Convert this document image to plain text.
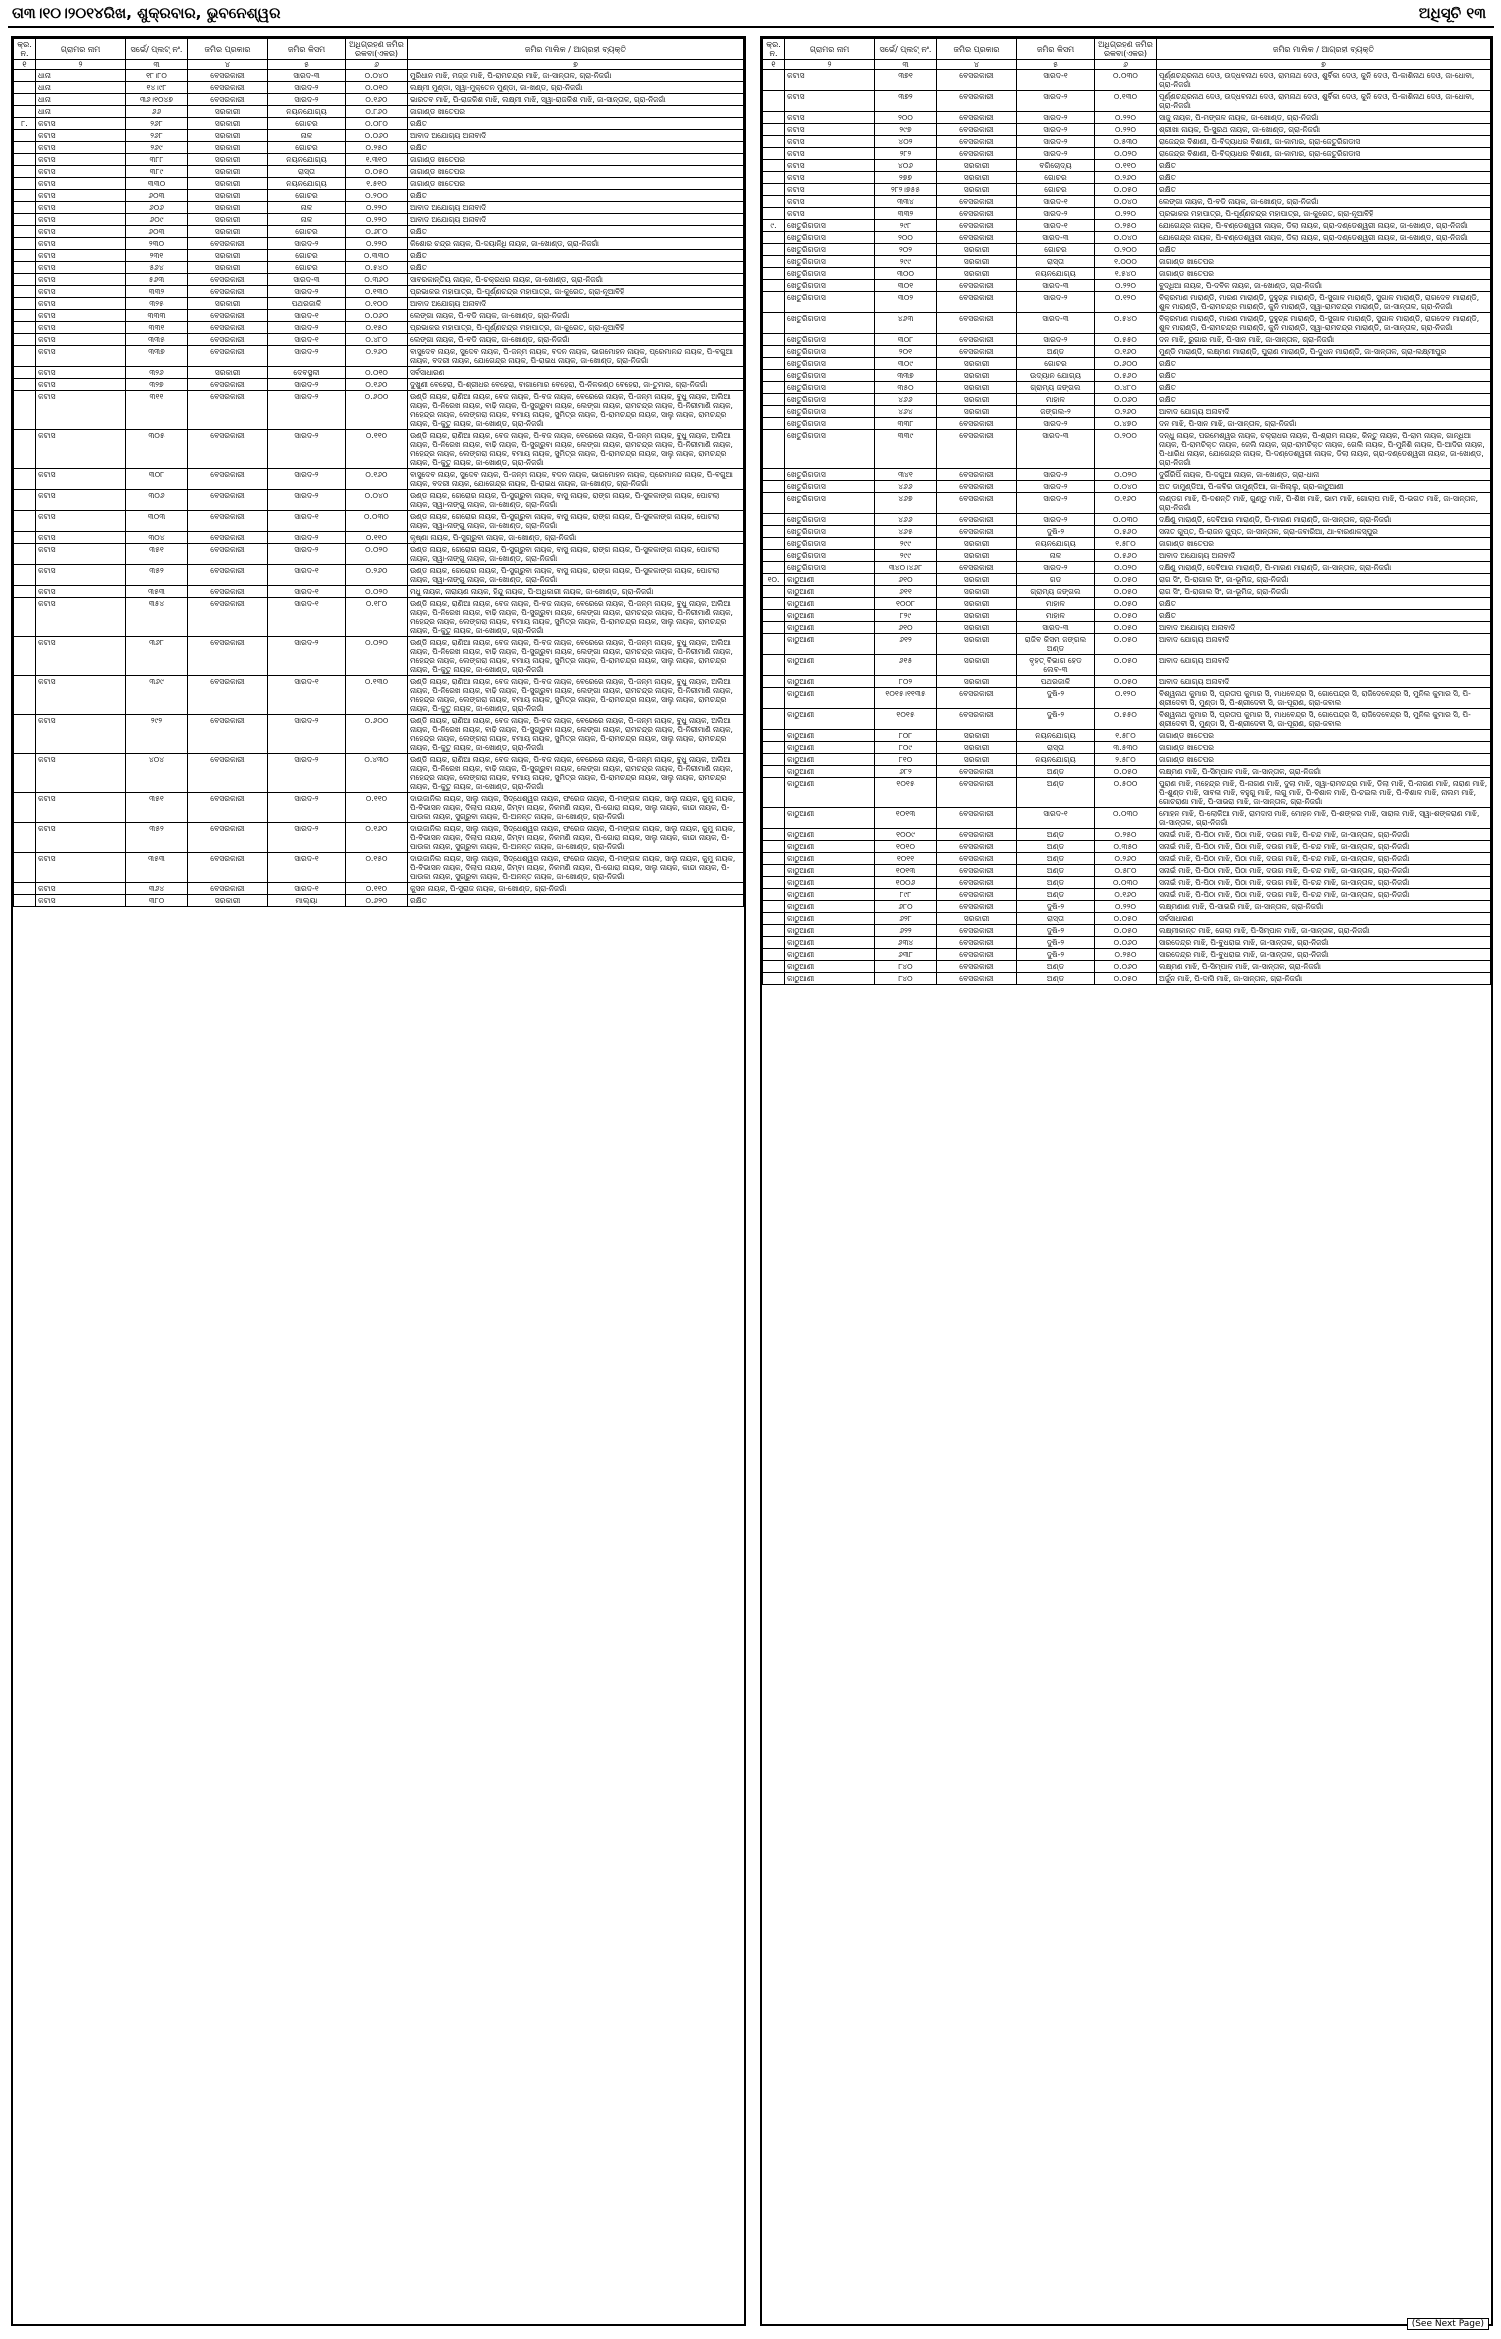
ତା୩।୧୦।୨୦୧୪ରିଖ, ଶୁକ୍ରବାର, ଭୁବନେଶ୍ୱର	ଅଧିସୂଚି ୧୩
କ୍ର. ନ.	ଗ୍ରାମର ନାମ	ସର୍ଭେ/ ପ୍ଲଟ୍ ନଂ.	ଜମିର ପ୍ରକାର	ଜମିର କିସମ	ଅଧିଗ୍ରହଣ ଜମିର ରକବା(ଏକର)	ଜମିର ମାଲିକ / ଆଗ୍ରହୀ ବ୍ୟକ୍ତି
୧	୨	୩	୪	୫	୬	୭
	ଧାନା	୧୮।୮୦	ବେସରକାରୀ	ସାରଦ-୩	୦.୦୪୦	ମୁରିଧାନ ମାଝି, ମଜ୍ଜ ମାଝି, ପି-ରାମଚନ୍ଦ୍ର ମାଝି, ଜା-ସାନ୍ତାଳ, ଗ୍ରା-ନିଜଗାଁ
	ଧାନା	୧୪।୯୮	ବେସରକାରୀ	ସାରଦ-୨	୦.୦୧୦	ଲକ୍ଷ୍ମୀ ମୁଣ୍ଡା, ସ୍ୱା-ମୁକ୍ତେନ ମୁଣ୍ଡା, ଜା-ଖଣ୍ଡ, ଗ୍ରା-ନିଜଗାଁ
	ଧାନା	୩୬।୧୦୪୭	ବେସରକାରୀ	ସାରଦ-୨	୦.୧୬୦	ଭାରତବ ମାଝି, ପି-ରାଜକିଶ ମାଝି, ଲକ୍ଷ୍ମୀ ମାଝି, ସ୍ୱା-ରାଜକିଶ ମାଝି, ଜା-ସାନ୍ତାଳ, ଗ୍ରା-ନିଜଗାଁ
	ଧାନା	୬୬	ସରକାରୀ	ନୟନଯୋଗ୍ୟ	୦.୮୬୦	ଜାଗାଣ୍ଡ ଖାତେପର
୮.	କଟାସ	୨୬୮	ସରକାରୀ	ଗୋଚର	୦.୦୮୦	ରକ୍ଷିତ
	କଟାସ	୨୬୮	ସରକାରୀ	ନାଳ	୦.୦୬୦	ଆବାଦ ଅଯୋଗ୍ୟ ଅନାବାଦି
	କଟାସ	୨୬୯	ସରକାରୀ	ଗୋଚର	୦.୨୫୦	ରକ୍ଷିତ
	କଟାସ	୩୮୮	ସରକାରୀ	ନୟନଯୋଗ୍ୟ	୧.୩୧୦	ଜାଗାଣ୍ଡ ଖାତେପର
	କଟାସ	୩୮୯	ସରକାରୀ	ରାସ୍ତା	୦.୦୫୦	ଜାଗାଣ୍ଡ ଖାତେପର
	କଟାସ	୩୩୦	ସରକାରୀ	ନୟନଯୋଗ୍ୟ	୧.୫୧୦	ଜାଗାଣ୍ଡ ଖାତେପର
	କଟାସ	୬୦୩	ସରକାରୀ	ଗୋଚର	୦.୨୦୦	ରକ୍ଷିତ
	କଟାସ	୬୦୬	ସରକାରୀ	ନାଳ	୦.୨୨୦	ଆବାଦ ଅଯୋଗ୍ୟ ଅନାବାଦି
	କଟାସ	୬୦୯	ସରକାରୀ	ନାଳ	୦.୨୨୦	ଆବାଦ ଅଯୋଗ୍ୟ ଅନାବାଦି
	କଟାସ	୬୦୩	ସରକାରୀ	ଗୋଚର	୦.୬୮୦	ରକ୍ଷିତ
	କଟାସ	୨୩୦	ବେସରକାରୀ	ସାରଦ-୨	୦.୨୨୦	କିଶୋର ଚନ୍ଦ୍ର ନାୟକ, ପି-ଦୟାନିଧି ନାୟକ, ଜା-ଖୋଣ୍ଡ, ଗ୍ରା-ନିଜଗାଁ
	କଟାସ	୨୩୧	ସରକାରୀ	ଗୋଚର	୦.୩୩୦	ରକ୍ଷିତ
	କଟାସ	୫୬୪	ସରକାରୀ	ଗୋଚର	୦.୫୪୦	ରକ୍ଷିତ
	କଟାସ	୫୬୩	ବେସରକାରୀ	ସାରଦ-୩	୦.୩୬୦	ସାବରକାନ୍ତିୟ ନାୟକ, ପି-ଚକ୍ରଧର ନାୟକ, ଜା-ଖୋଣ୍ଡ, ଗ୍ରା-ନିଜଗାଁ
	କଟାସ	୩୩୨	ବେସରକାରୀ	ସାରଦ-୨	୦.୧୩୦	ପ୍ରଭାକର ମହାପାତ୍ର, ପି-ପୂର୍ଣ୍ଣଚନ୍ଦ୍ର ମହାପାତ୍ର, ଜା-କୁରେତ, ଗ୍ରା-ନୂଆବିହି
	କଟାସ	୩୨୫	ସରକାରୀ	ପଥରଜାଳି	୦.୧୦୦	ଆବାଦ ଅଯୋଗ୍ୟ ଅନାବାଦି
	କଟାସ	୩୩୩	ବେସରକାରୀ	ସାରଦ-୧	୦.୦୬୦	ଲେଙ୍ଗା ନାୟକ, ପି-ବଡି ନାୟକ, ଜା-ଖୋଣ୍ଡ, ଗ୍ରା-ନିଜଗାଁ
	କଟାସ	୩୩୧	ବେସରକାରୀ	ସାରଦ-୨	୦.୧୫୦	ପ୍ରଭାକର ମହାପାତ୍ର, ପି-ପୂର୍ଣ୍ଣଚନ୍ଦ୍ର ମହାପାତ୍ର, ଜା-କୁରେତ, ଗ୍ରା-ନୂଆବିହି
	କଟାସ	୩୩୫	ବେସରକାରୀ	ସାରଦ-୧	୦.୪୮୦	ଲେଙ୍ଗା ନାୟକ, ପି-ବଡି ନାୟକ, ଜା-ଖୋଣ୍ଡ, ଗ୍ରା-ନିଜଗାଁ
	କଟାସ	୩୩୭	ବେସରକାରୀ	ସାରଦ-୨	୦.୨୬୦	ବାସୁଦେବ ନାୟକ, ସୁଦେବ ନାୟକ, ପି-ଜନ୍ମ ନାୟକ, ବଦନ ନାୟକ, ଭାଗମୋହନ ନାୟକ, ପ୍ରେମାନନ୍ଦ ନାୟକ, ପି-ବଗୁଆ ନାୟକ, ବଦରୀ ନାୟକ, ଯୋଗେନ୍ଦ୍ର ନାୟକ, ପି-ରାଇଧ ନାୟକ, ଜା-ଖୋଣ୍ଡ, ଗ୍ରା-ନିଜଗାଁ
	କଟାସ	୩୨୬	ସରକାରୀ	ଦେବସ୍ଥଳୀ	୦.୦୧୦	ସର୍ବସାଧାରଣ
	କଟାସ	୩୨୭	ବେସରକାରୀ	ସାରଦ-୨	୦.୧୬୦	ଦୁଖୁଣୀ ବେହେରା, ପି-ଶ୍ରୀଧର ବେହେରା, ବାଗାମୋର ବେହେରା, ପି-ନିଳକଣ୍ଠ ବେହେରା, ଜା-ତୁମାର, ଗ୍ରା-ନିଜଗାଁ
	କଟାସ	୩୧୧	ବେସରକାରୀ	ସାରଦ-୨	୦.୬୦୦	ଉଣ୍ଡି ନାୟକ, ରାଣିଆ ନାୟକ, ବେଜ ନାୟକ, ପି-ବଜ ନାୟକ, ବେରେରେ ନାୟକ, ପି-ଜନ୍ମ ନାୟକ, ବୁଧୁ ନାୟକ, ଅଲିଆ ନାୟକ, ପି-ନିରେଖ ନାୟକ, ବାଢି ନାୟକ, ପି-ସୁଗ୍ରୁବା ନାୟକ, ଲେଙ୍ଗା ନାୟକ, ରାମଚନ୍ଦ୍ର ନାୟକ, ପି-ନିରୀମାଣି ନାୟକ, ମହେନ୍ଦ୍ର ନାୟକ, ଲେଙ୍ଗରା ନାୟକ, ବମାୟ ନାୟକ, ସୁମିତ୍ର ନାୟକ, ପି-ରାମଚନ୍ଦ୍ର ନାୟକ, ସାଲୁ ନାୟକ, ରାମଚନ୍ଦ୍ର ନାୟକ, ପି-କୁତୁ ନାୟକ, ଜା-ଖୋଣ୍ଡ, ଗ୍ରା-ନିଜଗାଁ
	କଟାସ	୩୦୫	ବେସରକାରୀ	ସାରଦ-୨	୦.୧୧୦	ଉଣ୍ଡି ନାୟକ, ରାଣିଆ ନାୟକ, ବେଜ ନାୟକ, ପି-ବଜ ନାୟକ, ବେରେରେ ନାୟକ, ପି-ଜନ୍ମ ନାୟକ, ବୁଧୁ ନାୟକ, ଅଲିଆ ନାୟକ, ପି-ନିରେଖ ନାୟକ, ବାଢି ନାୟକ, ପି-ସୁଗ୍ରୁବା ନାୟକ, ଲେଙ୍ଗା ନାୟକ, ରାମଚନ୍ଦ୍ର ନାୟକ, ପି-ନିରୀମାଣି ନାୟକ, ମହେନ୍ଦ୍ର ନାୟକ, ଲେଙ୍ଗରା ନାୟକ, ବମାୟ ନାୟକ, ସୁମିତ୍ର ନାୟକ, ପି-ରାମଚନ୍ଦ୍ର ନାୟକ, ସାଲୁ ନାୟକ, ରାମଚନ୍ଦ୍ର ନାୟକ, ପି-କୁତୁ ନାୟକ, ଜା-ଖୋଣ୍ଡ, ଗ୍ରା-ନିଜଗାଁ
	କଟାସ	୩୦୮	ବେସରକାରୀ	ସାରଦ-୨	୦.୧୬୦	ବାସୁଦେବ ନାୟକ, ସୁଦେବ ନାୟକ, ପି-ଜନ୍ମ ନାୟକ, ବଦନ ନାୟକ, ଭାଗମୋହନ ନାୟକ, ପ୍ରେମାନନ୍ଦ ନାୟକ, ପି-ବଗୁଆ ନାୟକ, ବଦରୀ ନାୟକ, ଯୋଗେନ୍ଦ୍ର ନାୟକ, ପି-ରାଇଧ ନାୟକ, ଜା-ଖୋଣ୍ଡ, ଗ୍ରା-ନିଜଗାଁ
	କଟାସ	୩୦୬	ବେସରକାରୀ	ସାରଦ-୨	୦.୦୪୦	ଉଣ୍ଡ ନାୟକ, ଗେରୋର ନାୟକ, ପି-ସୁଗ୍ରୁବା ନାୟକ, ବାସୁ ନାୟକ, ରାଙ୍ଗ ନାୟକ, ପି-ସୁଳକାଙ୍ଗ ନାୟକ, ପୋଟଲା ନାୟକ, ସ୍ୱା-ନାଙ୍ଗୁ ନାୟକ, ଜା-ଖୋଣ୍ଡ, ଗ୍ରା-ନିଜଗାଁ
	କଟାସ	୩୦୩	ବେସରକାରୀ	ସାରଦ-୧	୦.୦୩୦	ଉଣ୍ଡ ନାୟକ, ଗେରୋର ନାୟକ, ପି-ସୁଗ୍ରୁବା ନାୟକ, ବାସୁ ନାୟକ, ରାଙ୍ଗ ନାୟକ, ପି-ସୁଳକାଙ୍ଗ ନାୟକ, ପୋଟଲା ନାୟକ, ସ୍ୱା-ନାଙ୍ଗୁ ନାୟକ, ଜା-ଖୋଣ୍ଡ, ଗ୍ରା-ନିଜଗାଁ
	କଟାସ	୩୦୪	ବେସରକାରୀ	ସାରଦ-୨	୦.୧୧୦	କୃଷ୍ଣା ନାୟକ, ପି-ସୁଗ୍ରୁବା ନାୟକ, ଜା-ଖୋଣ୍ଡ, ଗ୍ରା-ନିଜଗାଁ
	କଟାସ	୩୫୧	ବେସରକାରୀ	ସାରଦ-୨	୦.୦୨୦	ଉଣ୍ଡ ନାୟକ, ଗେରୋର ନାୟକ, ପି-ସୁଗ୍ରୁବା ନାୟକ, ବାସୁ ନାୟକ, ରାଙ୍ଗ ନାୟକ, ପି-ସୁଳକାଙ୍ଗ ନାୟକ, ପୋଟଲା ନାୟକ, ସ୍ୱା-ନାଙ୍ଗୁ ନାୟକ, ଜା-ଖୋଣ୍ଡ, ଗ୍ରା-ନିଜଗାଁ
	କଟାସ	୩୫୨	ବେସରକାରୀ	ସାରଦ-୧	୦.୨୬୦	ଉଣ୍ଡ ନାୟକ, ଗେରୋର ନାୟକ, ପି-ସୁଗ୍ରୁବା ନାୟକ, ବାସୁ ନାୟକ, ରାଙ୍ଗ ନାୟକ, ପି-ସୁଳକାଙ୍ଗ ନାୟକ, ପୋଟଲା ନାୟକ, ସ୍ୱା-ନାଙ୍ଗୁ ନାୟକ, ଜା-ଖୋଣ୍ଡ, ଗ୍ରା-ନିଜଗାଁ
	କଟାସ	୩୫୩	ବେସରକାରୀ	ସାରଦ-୧	୦.୦୨୦	ମଧୁ ନାୟକ, ନାରାୟଣ ନାୟକ, ହିନ୍ଦୁ ନାୟକ, ପି-ଅଧିକାରୀ ନାୟକ, ଜା-ଖୋଣ୍ଡ, ଗ୍ରା-ନିଜଗାଁ
	କଟାସ	୩୫୪	ବେସରକାରୀ	ସାରଦ-୧	୦.୧୮୦	ଉଣ୍ଡି ନାୟକ, ରାଣିଆ ନାୟକ, ବେଜ ନାୟକ, ପି-ବଜ ନାୟକ, ବେରେରେ ନାୟକ, ପି-ଜନ୍ମ ନାୟକ, ବୁଧୁ ନାୟକ, ଅଲିଆ ନାୟକ, ପି-ନିରେଖ ନାୟକ, ବାଢି ନାୟକ, ପି-ସୁଗ୍ରୁବା ନାୟକ, ଲେଙ୍ଗା ନାୟକ, ରାମଚନ୍ଦ୍ର ନାୟକ, ପି-ନିରୀମାଣି ନାୟକ, ମହେନ୍ଦ୍ର ନାୟକ, ଲେଙ୍ଗରା ନାୟକ, ବମାୟ ନାୟକ, ସୁମିତ୍ର ନାୟକ, ପି-ରାମଚନ୍ଦ୍ର ନାୟକ, ସାଲୁ ନାୟକ, ରାମଚନ୍ଦ୍ର ନାୟକ, ପି-କୁତୁ ନାୟକ, ଜା-ଖୋଣ୍ଡ, ଗ୍ରା-ନିଜଗାଁ
	କଟାସ	୩୬୮	ବେସରକାରୀ	ସାରଦ-୨	୦.୦୨୦	ଉଣ୍ଡି ନାୟକ, ରାଣିଆ ନାୟକ, ବେଜ ନାୟକ, ପି-ବଜ ନାୟକ, ବେରେରେ ନାୟକ, ପି-ଜନ୍ମ ନାୟକ, ବୁଧୁ ନାୟକ, ଅଲିଆ ନାୟକ, ପି-ନିରେଖ ନାୟକ, ବାଢି ନାୟକ, ପି-ସୁଗ୍ରୁବା ନାୟକ, ଲେଙ୍ଗା ନାୟକ, ରାମଚନ୍ଦ୍ର ନାୟକ, ପି-ନିରୀମାଣି ନାୟକ, ମହେନ୍ଦ୍ର ନାୟକ, ଲେଙ୍ଗରା ନାୟକ, ବମାୟ ନାୟକ, ସୁମିତ୍ର ନାୟକ, ପି-ରାମଚନ୍ଦ୍ର ନାୟକ, ସାଲୁ ନାୟକ, ରାମଚନ୍ଦ୍ର ନାୟକ, ପି-କୁତୁ ନାୟକ, ଜା-ଖୋଣ୍ଡ, ଗ୍ରା-ନିଜଗାଁ
	କଟାସ	୩୬୯	ବେସରକାରୀ	ସାରଦ-୧	୦.୧୩୦	ଉଣ୍ଡି ନାୟକ, ରାଣିଆ ନାୟକ, ବେଜ ନାୟକ, ପି-ବଜ ନାୟକ, ବେରେରେ ନାୟକ, ପି-ଜନ୍ମ ନାୟକ, ବୁଧୁ ନାୟକ, ଅଲିଆ ନାୟକ, ପି-ନିରେଖ ନାୟକ, ବାଢି ନାୟକ, ପି-ସୁଗ୍ରୁବା ନାୟକ, ଲେଙ୍ଗା ନାୟକ, ରାମଚନ୍ଦ୍ର ନାୟକ, ପି-ନିରୀମାଣି ନାୟକ, ମହେନ୍ଦ୍ର ନାୟକ, ଲେଙ୍ଗରା ନାୟକ, ବମାୟ ନାୟକ, ସୁମିତ୍ର ନାୟକ, ପି-ରାମଚନ୍ଦ୍ର ନାୟକ, ସାଲୁ ନାୟକ, ରାମଚନ୍ଦ୍ର ନାୟକ, ପି-କୁତୁ ନାୟକ, ଜା-ଖୋଣ୍ଡ, ଗ୍ରା-ନିଜଗାଁ
	କଟାସ	୨୯୨	ବେସରକାରୀ	ସାରଦ-୨	୦.୬୦୦	ଉଣ୍ଡି ନାୟକ, ରାଣିଆ ନାୟକ, ବେଜ ନାୟକ, ପି-ବଜ ନାୟକ, ବେରେରେ ନାୟକ, ପି-ଜନ୍ମ ନାୟକ, ବୁଧୁ ନାୟକ, ଅଲିଆ ନାୟକ, ପି-ନିରେଖ ନାୟକ, ବାଢି ନାୟକ, ପି-ସୁଗ୍ରୁବା ନାୟକ, ଲେଙ୍ଗା ନାୟକ, ରାମଚନ୍ଦ୍ର ନାୟକ, ପି-ନିରୀମାଣି ନାୟକ, ମହେନ୍ଦ୍ର ନାୟକ, ଲେଙ୍ଗରା ନାୟକ, ବମାୟ ନାୟକ, ସୁମିତ୍ର ନାୟକ, ପି-ରାମଚନ୍ଦ୍ର ନାୟକ, ସାଲୁ ନାୟକ, ରାମଚନ୍ଦ୍ର ନାୟକ, ପି-କୁତୁ ନାୟକ, ଜା-ଖୋଣ୍ଡ, ଗ୍ରା-ନିଜଗାଁ
	କଟାସ	୪୦୪	ବେସରକାରୀ	ସାରଦ-୨	୦.୪୩୦	ଉଣ୍ଡି ନାୟକ, ରାଣିଆ ନାୟକ, ବେଜ ନାୟକ, ପି-ବଜ ନାୟକ, ବେରେରେ ନାୟକ, ପି-ଜନ୍ମ ନାୟକ, ବୁଧୁ ନାୟକ, ଅଲିଆ ନାୟକ, ପି-ନିରେଖ ନାୟକ, ବାଢି ନାୟକ, ପି-ସୁଗ୍ରୁବା ନାୟକ, ଲେଙ୍ଗା ନାୟକ, ରାମଚନ୍ଦ୍ର ନାୟକ, ପି-ନିରୀମାଣି ନାୟକ, ମହେନ୍ଦ୍ର ନାୟକ, ଲେଙ୍ଗରା ନାୟକ, ବମାୟ ନାୟକ, ସୁମିତ୍ର ନାୟକ, ପି-ରାମଚନ୍ଦ୍ର ନାୟକ, ସାଲୁ ନାୟକ, ରାମଚନ୍ଦ୍ର ନାୟକ, ପି-କୁତୁ ନାୟକ, ଜା-ଖୋଣ୍ଡ, ଗ୍ରା-ନିଜଗାଁ
	କଟାସ	୩୫୧	ବେସରକାରୀ	ସାରଦ-୨	୦.୧୧୦	ଦାଉଜାନିଲ ନାୟକ, ସାଲୁ ନାୟକ, ସିଦ୍ଧେଶ୍ୱର ନାୟକ, ଫରେଜ ନାୟକ, ପି-ମଙ୍ଗଳ ନାୟକ, ସାଲୁ ନାୟକ, କୁମୁ ନାୟକ, ପି-ବିଭାସନ ନାୟକ, ଦିଲାପ ନାୟକ, ଜିମ୍ବା ନାୟକ, ନିକମଣି ନାୟକ, ପି-ଗୋରା ନାୟକ, ସାଲୁ ନାୟକ, କାନ୍ଦା ନାୟକ, ପି-ପାଉକା ନାୟକ, ସୁଗ୍ରୁବା ନାୟକ, ପି-ଅନନ୍ତ ନାୟକ, ଜା-ଖୋଣ୍ଡ, ଗ୍ରା-ନିଜଗାଁ
	କଟାସ	୩୫୨	ବେସରକାରୀ	ସାରଦ-୨	୦.୧୬୦	ଦାଉଜାନିଲ ନାୟକ, ସାଲୁ ନାୟକ, ସିଦ୍ଧେଶ୍ୱର ନାୟକ, ଫରେଜ ନାୟକ, ପି-ମଙ୍ଗଳ ନାୟକ, ସାଲୁ ନାୟକ, କୁମୁ ନାୟକ, ପି-ବିଭାସନ ନାୟକ, ଦିଲାପ ନାୟକ, ଜିମ୍ବା ନାୟକ, ନିକମଣି ନାୟକ, ପି-ଗୋରା ନାୟକ, ସାଲୁ ନାୟକ, କାନ୍ଦା ନାୟକ, ପି-ପାଉକା ନାୟକ, ସୁଗ୍ରୁବା ନାୟକ, ପି-ଅନନ୍ତ ନାୟକ, ଜା-ଖୋଣ୍ଡ, ଗ୍ରା-ନିଜଗାଁ
	କଟାସ	୩୫୩	ବେସରକାରୀ	ସାରଦ-୧	୦.୧୫୦	ଦାଉଜାନିଲ ନାୟକ, ସାଲୁ ନାୟକ, ସିଦ୍ଧେଶ୍ୱର ନାୟକ, ଫରେଜ ନାୟକ, ପି-ମଙ୍ଗଳ ନାୟକ, ସାଲୁ ନାୟକ, କୁମୁ ନାୟକ, ପି-ବିଭାସନ ନାୟକ, ଦିଲାପ ନାୟକ, ଜିମ୍ବା ନାୟକ, ନିକମଣି ନାୟକ, ପି-ଗୋରା ନାୟକ, ସାଲୁ ନାୟକ, କାନ୍ଦା ନାୟକ, ପି-ପାଉକା ନାୟକ, ସୁଗ୍ରୁବା ନାୟକ, ପି-ଅନନ୍ତ ନାୟକ, ଜା-ଖୋଣ୍ଡ, ଗ୍ରା-ନିଜଗାଁ
	କଟାସ	୩୬୪	ବେସରକାରୀ	ସାରଦ-୧	୦.୧୧୦	କୁସନ ନାୟକ, ପି-ସୁରାଜ ନାୟକ, ଜା-ଖୋଣ୍ଡ, ଗ୍ରା-ନିଜଗାଁ
	କଟାସ	୩୮୦	ସରକାରୀ	ମାଲ୍ୟା	୦.୬୨୦	ରକ୍ଷିତ
କ୍ର. ନ.	ଗ୍ରାମର ନାମ	ସର୍ଭେ/ ପ୍ଲଟ୍ ନଂ.	ଜମିର ପ୍ରକାର	ଜମିର କିସମ	ଅଧିଗ୍ରହଣ ଜମିର ରକବା(ଏକର)	ଜମିର ମାଲିକ / ଆଗ୍ରହୀ ବ୍ୟକ୍ତି
୧	୨	୩	୪	୫	୬	୭
	କଟାସ	୩୭୧	ବେସରକାରୀ	ସାରଦ-୧	୦.୦୩୦	ପୂର୍ଣ୍ଣଚନ୍ଦ୍ରନାଥ ଦେଓ, ଉଦ୍ଧବନାଥ ଦେଓ, ରାମନାଥ ଦେଓ, ଶୁର୍ବିକା ଦେଓ, କୁନି ଦେଓ, ପି-କାଶିନାଥ ଦେଓ, ଜା-ଧୋବା, ଗ୍ରା-ନିଜଗାଁ
	କଟାସ	୩୭୨	ବେସରକାରୀ	ସାରଦ-୨	୦.୧୩୦	ପୂର୍ଣ୍ଣଚନ୍ଦ୍ରନାଥ ଦେଓ, ଉଦ୍ଧବନାଥ ଦେଓ, ରାମନାଥ ଦେଓ, ଶୁର୍ବିକା ଦେଓ, କୁନି ଦେଓ, ପି-କାଶିନାଥ ଦେଓ, ଜା-ଧୋବା, ଗ୍ରା-ନିଜଗାଁ
	କଟାସ	୨୦୦	ବେସରକାରୀ	ସାରଦ-୨	୦.୨୨୦	ସାଜୁ ନାୟକ, ପି-ମଙ୍ଗଳ ନାୟକ, ଜା-ଖୋଣ୍ଡ, ଗ୍ରା-ନିଜଗାଁ
	କଟାସ	୨୯୭	ବେସରକାରୀ	ସାରଦ-୨	୦.୨୨୦	ଶ୍ରୀଖା ନାୟକ, ପି-ସୁରଥ ନାୟକ, ଜା-ଖୋଣ୍ଡ, ଗ୍ରା-ନିଜଗାଁ
	କଟାସ	୪୦୨	ବେସରକାରୀ	ସାରଦ-୨	୦.୫୩୦	ରାଜେନ୍ଦ୍ର ବିଶାଣୀ, ପି-ବିଦ୍ୟାଧର ବିଶାଣୀ, ଜା-କାମାର, ଗ୍ରା-ଜେତୁରିଗଡାସ
	କଟାସ	୨୮୨	ବେସରକାରୀ	ସାରଦ-୨	୦.୦୨୦	ରାଜେନ୍ଦ୍ର ବିଶାଣୀ, ପି-ବିଦ୍ୟାଧର ବିଶାଣୀ, ଜା-କାମାର, ଗ୍ରା-ଜେତୁରିଗଡାସ
	କଟାସ	୪୦୬	ସରକାରୀ	ବଗିଚୋଦ୍ୟ	୦.୧୧୦	ରକ୍ଷିତ
	କଟାସ	୨୭୭	ସରକାରୀ	ଗୋଚର	୦.୨୬୦	ରକ୍ଷିତ
	କଟାସ	୨୮୨।୭୫୫	ସରକାରୀ	ଗୋଚର	୦.୦୫୦	ରକ୍ଷିତ
	କଟାସ	୩୩୪	ବେସରକାରୀ	ସାରଦ-୧	୦.୦୪୦	ଲେଙ୍ଗା ନାୟକ, ପି-ବଡି ନାୟକ, ଜା-ଖୋଣ୍ଡ, ଗ୍ରା-ନିଜଗାଁ
	କଟାସ	୩୩୨	ବେସରକାରୀ	ସାରଦ-୨	୦.୨୨୦	ପ୍ରଭାକର ମହାପାତ୍ର, ପି-ପୂର୍ଣ୍ଣଚନ୍ଦ୍ର ମହାପାତ୍ର, ଜା-କୁରେତ, ଗ୍ରା-ନୂଆବିହି
୯.	ଖେତୁରିଗଡାସ	୨୯୮	ବେସରକାରୀ	ସାରଦ-୧	୦.୨୫୦	ଯୋଗେନ୍ଦ୍ର ନାୟକ, ପି-ବଣ୍ଡେଶ୍ୱରୀ ନାୟକ, ଡିଲା ନାୟକ, ଗ୍ରା-ଦଣ୍ଡେଶ୍ୱରୀ ନାୟକ, ଜା-ଖୋଣ୍ଡ, ଗ୍ରା-ନିଜଗାଁ
	ଖେତୁରିଗଡାସ	୨୦୦	ବେସରକାରୀ	ସାରଦ-୩	୦.୦୪୦	ଯୋଗେନ୍ଦ୍ର ନାୟକ, ପି-ବଣ୍ଡେଶ୍ୱରୀ ନାୟକ, ଡିଲା ନାୟକ, ଗ୍ରା-ଦଣ୍ଡେଶ୍ୱରୀ ନାୟକ, ଜା-ଖୋଣ୍ଡ, ଗ୍ରା-ନିଜଗାଁ
	ଖେତୁରିଗଡାସ	୨୦୨	ସରକାରୀ	ଗୋଚର	୦.୨୦୦	ରକ୍ଷିତ
	ଖେତୁରିଗଡାସ	୨୯୯	ସରକାରୀ	ରାସ୍ତା	୧.୦୦୦	ଜାଗାଣ୍ଡ ଖାତେପର
	ଖେତୁରିଗଡାସ	୩୦୦	ସରକାରୀ	ନୟନଯୋଗ୍ୟ	୧.୫୪୦	ଜାଗାଣ୍ଡ ଖାତେପର
	ଖେତୁରିଗଡାସ	୩୦୧	ବେସରକାରୀ	ସାରଦ-୩	୦.୨୨୦	ବୁଦ୍ଧିଆ ନାୟକ, ପି-ଦବିଳ ନାୟକ, ଜା-ଖୋଣ୍ଡ, ଗ୍ରା-ନିଜଗାଁ
	ଖେତୁରିଗଡାସ	୩୦୨	ବେସରକାରୀ	ସାରଦ-୨	୦.୧୨୦	ବିକ୍ରମାଣ ମାରାଣ୍ଡି, ମାରଣ ମାରାଣ୍ଡି, ଦୁହୁଚ୍ଛ ମାରାଣ୍ଡି, ପି-ସୁଗାଳ ମାରାଣ୍ଡି, ସୁଗାଳ ମାରାଣ୍ଡି, ରାଗଦେବ ମାରାଣ୍ଡି, ଶୁଳ ମାରାଣ୍ଡି, ପି-ରାମଚନ୍ଦ୍ର ମାରାଣ୍ଡି, କୁନି ମାରାଣ୍ଡି, ସ୍ୱା-ରାମଚନ୍ଦ୍ର ମାରାଣ୍ଡି, ଜା-ସାନ୍ତାଳ, ଗ୍ରା-ନିଜଗାଁ
	ଖେତୁରିଗଡାସ	୪୬୩	ବେସରକାରୀ	ସାରଦ-୩	୦.୫୪୦	ବିକ୍ରମାଣ ମାରାଣ୍ଡି, ମାରଣ ମାରାଣ୍ଡି, ଦୁହୁଚ୍ଛ ମାରାଣ୍ଡି, ପି-ସୁଗାଳ ମାରାଣ୍ଡି, ସୁଗାଳ ମାରାଣ୍ଡି, ରାଗଦେବ ମାରାଣ୍ଡି, ଶୁଳ ମାରାଣ୍ଡି, ପି-ରାମଚନ୍ଦ୍ର ମାରାଣ୍ଡି, କୁନି ମାରାଣ୍ଡି, ସ୍ୱା-ରାମଚନ୍ଦ୍ର ମାରାଣ୍ଡି, ଜା-ସାନ୍ତାଳ, ଗ୍ରା-ନିଜଗାଁ
	ଖେତୁରିଗଡାସ	୩୦୮	ବେସରକାରୀ	ସାରଦ-୨	୦.୫୫୦	ଦନ ମାଝି, ରୁଗାର ମାଝି, ପି-ସାନ ମାଝି, ଜା-ସାନ୍ତାଳ, ଗ୍ରା-ନିଜଗାଁ
	ଖେତୁରିଗଡାସ	୨୦୧	ବେସରକାରୀ	ଅଣ୍ଡ	୦.୧୬୦	ମୁଣ୍ଡି ମାରାଣ୍ଡି, ଲକ୍ଷ୍ମଣ ମାରାଣ୍ଡି, ପୁରାଣ ମାରାଣ୍ଡି, ପି-ଦୁଧନ ମାରାଣ୍ଡି, ଜା-ସାନ୍ତାଳ, ଗ୍ରା-ଲକ୍ଷ୍ମୀପୁର
	ଖେତୁରିଗଡାସ	୩୦୯	ସରକାରୀ	ଗୋଚର	୦.୬୦୦	ରକ୍ଷିତ
	ଖେତୁରିଗଡାସ	୩୩୭	ସରକାରୀ	ଉଦ୍ୟାନ ଯୋଗ୍ୟ	୦.୫୬୦	ରକ୍ଷିତ
	ଖେତୁରିଗଡାସ	୩୫୦	ସରକାରୀ	ଗ୍ରାମ୍ୟ ଜଙ୍ଗଲ	୦.୪୮୦	ରକ୍ଷିତ
	ଖେତୁରିଗଡାସ	୪୬୬	ସରକାରୀ	ମାହାଳ	୦.୦୬୦	ରକ୍ଷିତ
	ଖେତୁରିଗଡାସ	୪୬୪	ସରକାରୀ	ଜଙ୍ଗଲ-୨	୦.୨୬୦	ଆବାଦ ଯୋଗ୍ୟ ଅନାବାଦି
	ଖେତୁରିଗଡାସ	୩୩୮	ବେସରକାରୀ	ସାରଦ-୨	୦.୪୭୦	ଦନ ମାଝି, ପି-ସାନ ମାଝି, ଜା-ସାନ୍ତାଳ, ଗ୍ରା-ନିଜଗାଁ
	ଖେତୁରିଗଡାସ	୩୩୯	ବେସରକାରୀ	ସାରଦ-୩	୦.୨୦୦	ଦନ୍ଧୁ ନାୟକ, ପରମେଶ୍ୱର ନାୟକ, ଚକ୍ରାଧର ନାୟକ, ପି-ଶ୍ରାମ ନାୟକ, କିନ୍ତୁ ନାୟକ, ପି-ରାମ ନାୟକ, ଗାନ୍ଧିଆ ନାୟକ, ପି-ରାମଚିକ୍ତ ନାୟକ, ଜେଲି ନାୟକ, ଗ୍ରା-ରାମଚିକ୍ତ ନାୟକ, ଗେଲି ନାୟକ, ପି-ମୁନିଶି ନାୟକ, ପି-ଆଦିର ନାୟକ, ପି-ଧାରିଧ ନାୟକ, ଯୋଗେନ୍ଦ୍ର ନାୟକ, ପି-ଦଣ୍ଡେଶ୍ୱରୀ ନାୟକ, ଡିଲା ନାୟକ, ଗ୍ରା-ଦଣ୍ଡେଶ୍ୱରୀ ନାୟକ, ଜା-ଖୋଣ୍ଡ, ଗ୍ରା-ନିଜଗାଁ
	ଖେତୁରିଗଡାସ	୩୪୧	ବେସରକାରୀ	ସାରଦ-୨	୦.୦୨୦	ଦୁର୍ଗିରିପିଁ ନାୟକ, ପି-ଦଗୁଆ ନାୟକ, ଜା-ଖୋଣ୍ଡ, ଗ୍ରା-ଧାନା
	ଖେତୁରିଗଡାସ	୪୬୬	ବେସରକାରୀ	ସାରଦ-୨	୦.୦୪୦	ଅତ ଡାମୁଣ୍ଡିଆ, ପି-କବିର ଡାମୁଣ୍ଡିଆ, ଜା-ଖିଲ୍ଲୁ, ଗ୍ରା-କାଠୁଆଣୀ
	ଖେତୁରିଗଡାସ	୪୬୭	ବେସରକାରୀ	ସାରଦ-୨	୦.୧୬୦	ଲଣ୍ଡଗ ମାଝି, ପି-ଦଶନ୍ତି ମାଝି, ଗୁଣ୍ଡୁ ମାଝି, ପି-ଶିଖ ମାଝି, ଭାମ ମାଝି, ଗୋଲାପ ମାଝି, ପି-ଭଗତ ମାଝି, ଜା-ସାନ୍ତାଳ, ଗ୍ରା-ନିଜଗାଁ
	ଖେତୁରିଗଡାସ	୪୬୬	ବେସରକାରୀ	ସାରଦ-୨	୦.୦୩୦	ଦକ୍ଷିଣୁ ମାରାଣ୍ଡି, ଦେବିଆର ମାରାଣ୍ଡି, ପି-ମାରଣ ମାରାଣ୍ଡି, ଜା-ସାନ୍ତାଳ, ଗ୍ରା-ନିଜଗାଁ
	ଖେତୁରିଗଡାସ	୪୬୫	ବେସରକାରୀ	ଦୁଷି-୨	୦.୫୬୦	ସନାତ ଗୁପ୍ତ, ପି-ରାଜନ ଗୁପ୍ତ, ଜା-ସାନ୍ତାଳ, ଗ୍ରା-ଜବାରିଆ, ଥା-ବାରଣାକସ୍ପୁର
	ଖେତୁରିଗଡାସ	୨୯୯	ସରକାରୀ	ନୟନଯୋଗ୍ୟ	୧.୫୮୦	ଜାଗାଣ୍ଡ ଖାତେପର
	ଖେତୁରିଗଡାସ	୨୯୯	ସରକାରୀ	ନାଳ	୦.୫୬୦	ଆବାଦ ଅଯୋଗ୍ୟ ଅନାବାଦି
	ଖେତୁରିଗଡାସ	୩୪୦।୪୬୮	ବେସରକାରୀ	ସାରଦ-୨	୦.୦୨୦	ଦକ୍ଷିଣୁ ମାରାଣ୍ଡି, ଦେବିଆର ମାରାଣ୍ଡି, ପି-ମାରଣ ମାରାଣ୍ଡି, ଜା-ସାନ୍ତାଳ, ଗ୍ରା-ନିଜଗାଁ
୧୦.	କାଠୁଆଣୀ	୬୧୦	ସରକାରୀ	ଗଡ	୦.୦୫୦	ରାଗ ସିଂ, ପି-ରାଗାଲ ସିଂ, ଜା-ଭୂମିଜ, ଗ୍ରା-ନିଜଗାଁ
	କାଠୁଆଣୀ	୬୧୧	ସରକାରୀ	ଗ୍ରାମ୍ୟ ଜଙ୍ଗଲ	୦.୦୫୦	ରାଗ ସିଂ, ପି-ରାଗାଲ ସିଂ, ଜା-ଭୂମିଜ, ଗ୍ରା-ନିଜଗାଁ
	କାଠୁଆଣୀ	୧୦୦୮	ସରକାରୀ	ମାହାଳ	୦.୦୫୦	ରକ୍ଷିତ
	କାଠୁଆଣୀ	୮୨୯	ସରକାରୀ	ମାହାଳ	୦.୦୫୦	ରକ୍ଷିତ
	କାଠୁଆଣୀ	୬୧୦	ସରକାରୀ	ସାରଦ-୩	୦.୦୫୦	ଆବାଦ ଅଯୋଗ୍ୟ ଅନାବାଦି
	କାଠୁଆଣୀ	୬୧୨	ସରକାରୀ	ରାଜିବ କିସମ ଜଙ୍ଗଲ ଅଣ୍ଡ	୦.୦୫୦	ଆବାଦ ଯୋଗ୍ୟ ଅନାବାଦି
	କାଠୁଆଣୀ	୬୧୫	ସରକାରୀ	ବୃହତ୍ ବିଭାଗ ହେଡ ଲେବ-୩	୦.୦୫୦	ଆବାଦ ଯୋଗ୍ୟ ଅନାବାଦି
	କାଠୁଆଣୀ	୮୦୨	ସରକାରୀ	ପଥରଜାଳି	୦.୦୫୦	ଆବାଦ ଯୋଗ୍ୟ ଅନାବାଦି
	କାଠୁଆଣୀ	୧୦୧୫।୧୧୩୫	ବେସରକାରୀ	ଦୁଷି-୨	୦.୧୨୦	ବିଶ୍ୱନାଥ କୁମାର ସି, ପ୍ରତାପ କୁମାର ସି, ମାଧବେନ୍ଦ୍ର ସି, ଗୋପେନ୍ଦ୍ର ସି, ରାଜିଦେବେନ୍ଦ୍ର ସି, ମୁନିଲ କୁମାର ସି, ପି-ଶ୍ରୀଦେବୀ ସି, ମୁଣ୍ଡା ସି, ପି-ଶ୍ରୀଦେବୀ ସି, ଜା-ପୂରାଣ, ଗ୍ରା-ଜବାଲ
	କାଠୁଆଣୀ	୧୦୧୫	ବେସରକାରୀ	ଦୁଷି-୨	୦.୫୫୦	ବିଶ୍ୱନାଥ କୁମାର ସି, ପ୍ରତାପ କୁମାର ସି, ମାଧବେନ୍ଦ୍ର ସି, ଗୋପେନ୍ଦ୍ର ସି, ରାଜିଦେବେନ୍ଦ୍ର ସି, ମୁନିଲ କୁମାର ସି, ପି-ଶ୍ରୀଦେବୀ ସି, ମୁଣ୍ଡା ସି, ପି-ଶ୍ରୀଦେବୀ ସି, ଜା-ପୂରାଣ, ଗ୍ରା-ଜବାଲ
	କାଠୁଆଣୀ	୮୦୮	ସରକାରୀ	ନୟନଯୋଗ୍ୟ	୧.୫୮୦	ଜାଗାଣ୍ଡ ଖାତେପର
	କାଠୁଆଣୀ	୮୦୯	ସରକାରୀ	ରାସ୍ତା	୩.୫୩୦	ଜାଗାଣ୍ଡ ଖାତେପର
	କାଠୁଆଣୀ	୮୧୦	ସରକାରୀ	ନୟନଯୋଗ୍ୟ	୨.୫୮୦	ଜାଗାଣ୍ଡ ଖାତେପର
	କାଠୁଆଣୀ	୬୮୨	ବେସରକାରୀ	ଅଣ୍ଡ	୦.୦୫୦	ଲକ୍ଷ୍ମଣ ମାଝି, ପି-ସିମ୍ପାଳ ମାଝି, ଜା-ସାନ୍ତାଳ, ଗ୍ରା-ନିଜଗାଁ
	କାଠୁଆଣୀ	୧୦୧୫	ବେସରକାରୀ	ଅଣ୍ଡ	୦.୫୦୦	ପୁରାଣ ମାଝି, ମହେନ୍ଦ୍ର ମାଝି, ପି-ନାଗଣ ମାଝି, ଦୁଲା ମାଝି, ସ୍ୱା-ରାମଚନ୍ଦ୍ର ମାଝି, ଡିଲା ମାଝି, ପି-ନାଗଣ ମାଝି, ନାରାଣ ମାଝି, ପି-ଶୁଣ୍ଡ ମାଝି, ସାବଳା ମାଝି, ବହୁଗୁ ମାଝି, ଲଗୁ ମାଝି, ପି-ବିଶାଳ ମାଝି, ପି-ଚଇଲ ମାଝି, ପି-ବିଶାଳ ମାଝି, ନାଲମ ମାଝି, ଗୋଚରାଣା ମାଝି, ପି-ସାଭରା ମାଝି, ଜା-ସାନ୍ତାଳ, ଗ୍ରା-ନିଜଗାଁ
	କାଠୁଆଣୀ	୧୦୧୩	ବେସରକାରୀ	ସାରଦ-୧	୦.୦୩୦	ମୋହନ ମାଝି, ପି-ଲୋକିଆ ମାଝି, ରାମଦାସ ମାଝି, ମୋହନ ମାଝି, ପି-ଶଙ୍କର ମାଝି, ସାରାଲ ମାଝି, ସ୍ୱା-ଶଙ୍କରାଣ ମାଝି, ଜା-ସାନ୍ତାଳ, ଗ୍ରା-ନିଜଗାଁ
	କାଠୁଆଣୀ	୧୦୦୯	ବେସରକାରୀ	ଅଣ୍ଡ	୦.୨୫୦	ସନାଇଁ ମାଝି, ପି-ପିଠା ମାଝି, ପିଠା ମାଝି, ଦଉଗ ମାଝି, ପି-ଚନ୍ଦ ମାଝି, ଜା-ସାନ୍ତାଳ, ଗ୍ରା-ନିଜଗାଁ
	କାଠୁଆଣୀ	୧୦୧୦	ବେସରକାରୀ	ଅଣ୍ଡ	୦.୩୫୦	ସନାଇଁ ମାଝି, ପି-ପିଠା ମାଝି, ପିଠା ମାଝି, ଦଉଗ ମାଝି, ପି-ଚନ୍ଦ ମାଝି, ଜା-ସାନ୍ତାଳ, ଗ୍ରା-ନିଜଗାଁ
	କାଠୁଆଣୀ	୧୦୧୧	ବେସରକାରୀ	ଅଣ୍ଡ	୦.୨୬୦	ସନାଇଁ ମାଝି, ପି-ପିଠା ମାଝି, ପିଠା ମାଝି, ଦଉଗ ମାଝି, ପି-ଚନ୍ଦ ମାଝି, ଜା-ସାନ୍ତାଳ, ଗ୍ରା-ନିଜଗାଁ
	କାଠୁଆଣୀ	୧୦୧୩	ବେସରକାରୀ	ଅଣ୍ଡ	୦.୫୮୦	ସନାଇଁ ମାଝି, ପି-ପିଠା ମାଝି, ପିଠା ମାଝି, ଦଉଗ ମାଝି, ପି-ଚନ୍ଦ ମାଝି, ଜା-ସାନ୍ତାଳ, ଗ୍ରା-ନିଜଗାଁ
	କାଠୁଆଣୀ	୧୦୦୬	ବେସରକାରୀ	ଅଣ୍ଡ	୦.୦୩୦	ସନାଇଁ ମାଝି, ପି-ପିଠା ମାଝି, ପିଠା ମାଝି, ଦଉଗ ମାଝି, ପି-ଚନ୍ଦ ମାଝି, ଜା-ସାନ୍ତାଳ, ଗ୍ରା-ନିଜଗାଁ
	କାଠୁଆଣୀ	୮୯୮	ବେସରକାରୀ	ଅଣ୍ଡ	୦.୧୬୦	ସନାଇଁ ମାଝି, ପି-ପିଠା ମାଝି, ପିଠା ମାଝି, ଦଉଗ ମାଝି, ପି-ଚନ୍ଦ ମାଝି, ଜା-ସାନ୍ତାଳ, ଗ୍ରା-ନିଜଗାଁ
	କାଠୁଆଣୀ	୬୮୦	ବେସରକାରୀ	ଦୁଷି-୨	୦.୨୨୦	ଲକ୍ଷ୍ମଣାଣ ମାଝି, ପି-ସାଭରି ମାଝି, ଜା-ସାନ୍ତାଳ, ଗ୍ରା-ନିଜଗାଁ
	କାଠୁଆଣୀ	୬୨୮	ସରକାରୀ	ରାସ୍ତା	୦.୦୫୦	ସର୍ବସାଧାରଣ
	କାଠୁଆଣୀ	୬୨୨	ବେସରକାରୀ	ଦୁଷି-୨	୦.୦୫୦	ଲକ୍ଷ୍ମୀକାନ୍ତ ମାଝି, ଗେଲା ମାଝି, ପି-ସିମ୍ପାଳ ମାଝି, ଜା-ସାନ୍ତାଳ, ଗ୍ରା-ନିଜଗାଁ
	କାଠୁଆଣୀ	୬୩୪	ବେସରକାରୀ	ଦୁଷି-୨	୦.୦୬୦	ସାରଦେନ୍ଦ୍ର ମାଝି, ପି-ବୁଧରାଇ ମାଝି, ଜା-ସାନ୍ତାଳ, ଗ୍ରା-ନିଜଗାଁ
	କାଠୁଆଣୀ	୬୩୮	ବେସରକାରୀ	ଦୁଷି-୨	୦.୨୫୦	ସାରଦେନ୍ଦ୍ର ମାଝି, ପି-ବୁଧରାଇ ମାଝି, ଜା-ସାନ୍ତାଳ, ଗ୍ରା-ନିଜଗାଁ
	କାଠୁଆଣୀ	୮୪୦	ବେସରକାରୀ	ଅଣ୍ଡ	୦.୦୬୦	ଲକ୍ଷ୍ମଣ ମାଝି, ପି-ସିମ୍ପାଳ ମାଝି, ଜା-ସାନ୍ତାଳ, ଗ୍ରା-ନିଜଗାଁ
	କାଠୁଆଣୀ	୮୪୦	ବେସରକାରୀ	ଅଣ୍ଡ	୦.୦୫୦	ଅର୍ଜୁନ ମାଝି, ପି-ଦାସି ମାଝି, ଜା-ସାନ୍ତାଳ, ଗ୍ରା-ନିଜଗାଁ
(See Next Page)
